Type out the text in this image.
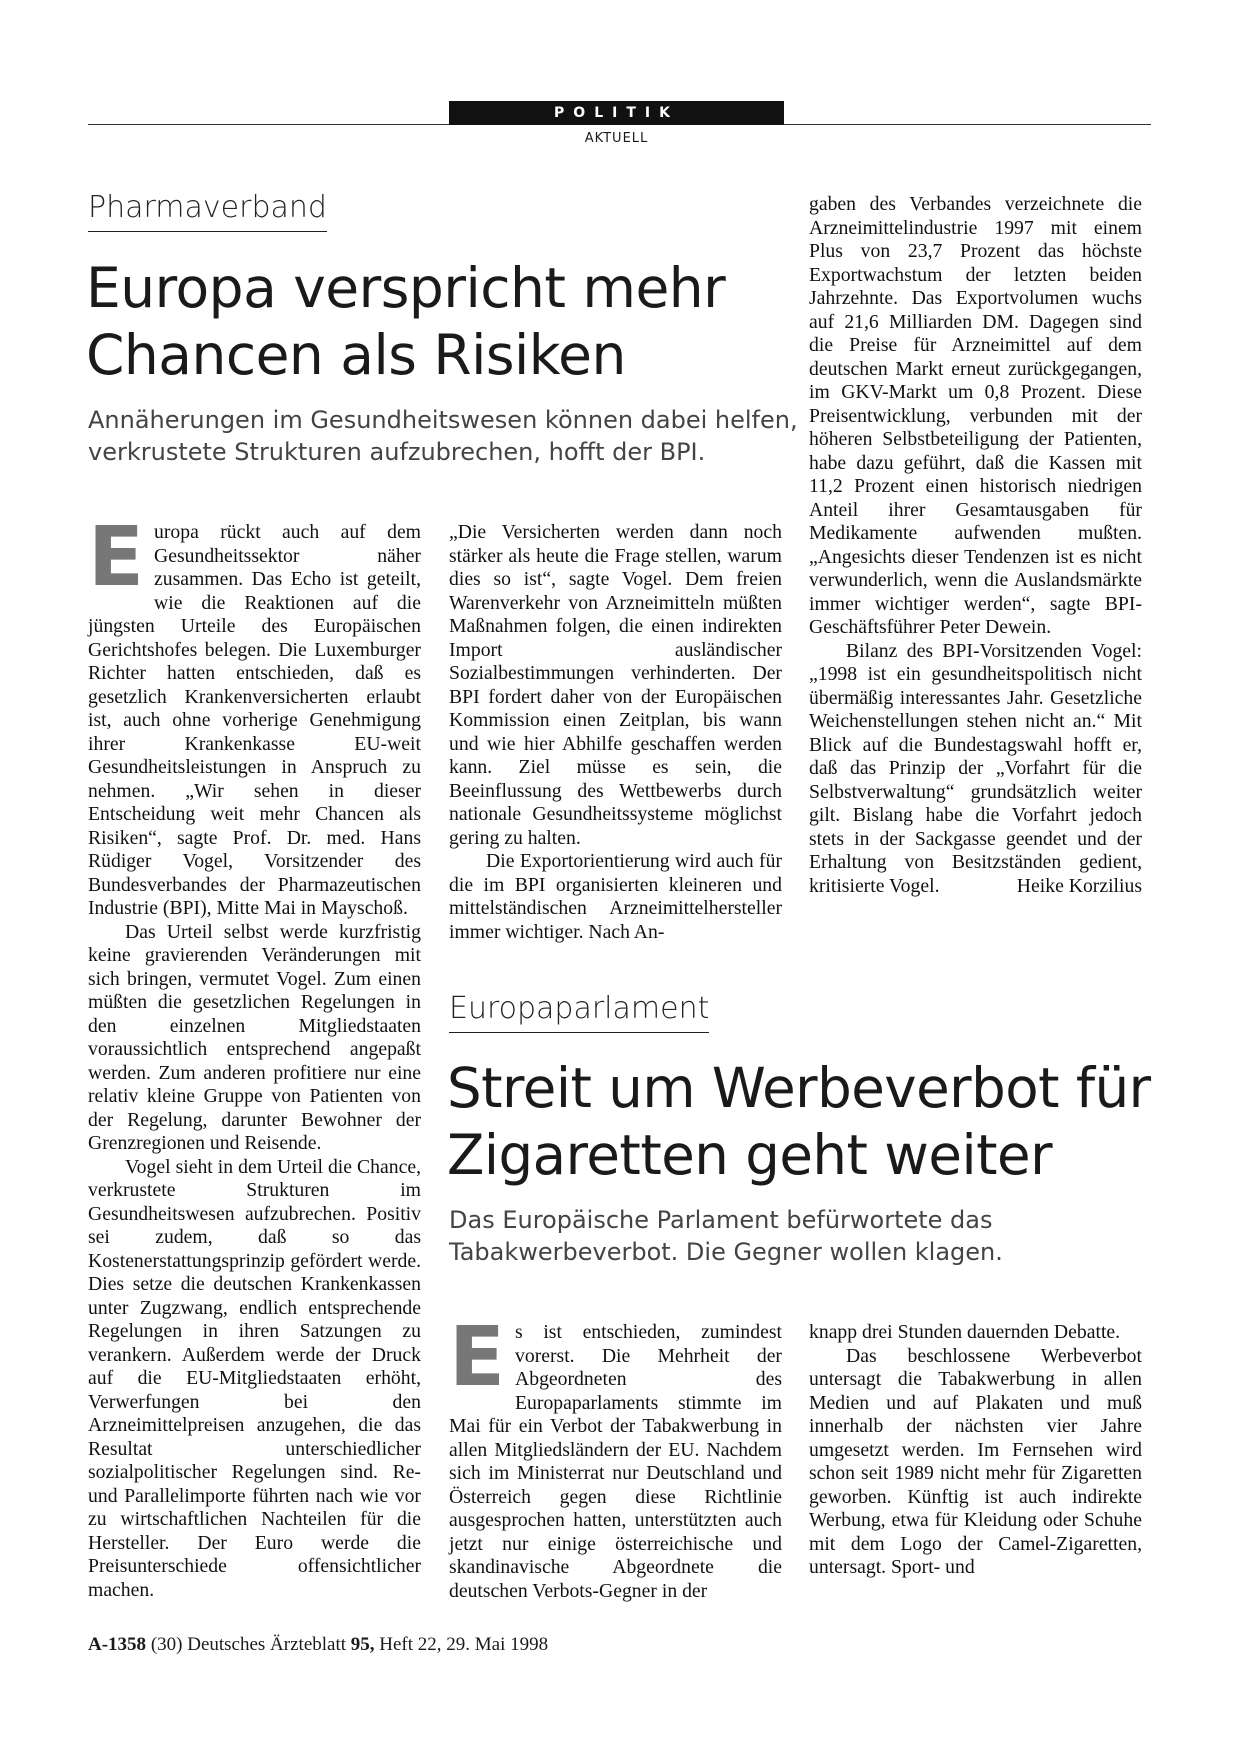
POLITIK
AKTUELL
Pharmaverband
Europa verspricht mehr
Chancen als Risiken
Annäherungen im Gesundheitswesen können dabei helfen,
verkrustete Strukturen aufzubrechen, hofft der BPI.

E uropa rückt auch auf dem Gesundheitssektor näher zusammen. Das Echo ist geteilt, wie die Reaktionen auf die jüngsten Urteile des Europäischen Gerichtshofes belegen. Die Luxemburger Richter hatten entschieden, daß es gesetzlich Krankenversicherten erlaubt ist, auch ohne vorherige Genehmigung ihrer Krankenkasse EU-weit Gesundheitsleistungen in Anspruch zu nehmen. „Wir sehen in dieser Entscheidung weit mehr Chancen als Risiken“, sagte Prof. Dr. med. Hans Rüdiger Vogel, Vorsitzender des Bundesverbandes der Pharmazeutischen Industrie (BPI), Mitte Mai in Mayschoß.

Das Urteil selbst werde kurzfristig keine gravierenden Veränderungen mit sich bringen, vermutet Vogel. Zum einen müßten die gesetzlichen Regelungen in den einzelnen Mitgliedstaaten voraussichtlich entsprechend angepaßt werden. Zum anderen profitiere nur eine relativ kleine Gruppe von Patienten von der Regelung, darunter Bewohner der Grenzregionen und Reisende.

Vogel sieht in dem Urteil die Chance, verkrustete Strukturen im Gesundheitswesen aufzubrechen. Positiv sei zudem, daß so das Kostenerstattungsprinzip gefördert werde. Dies setze die deutschen Krankenkassen unter Zugzwang, endlich entsprechende Regelungen in ihren Satzungen zu verankern. Außerdem werde der Druck auf die EU-Mitgliedstaaten erhöht, Verwerfungen bei den Arzneimittelpreisen anzugehen, die das Resultat unterschiedlicher sozialpolitischer Regelungen sind. Re- und Parallelimporte führten nach wie vor zu wirtschaftlichen Nachteilen für die Hersteller. Der Euro werde die Preisunterschiede offensichtlicher machen.

„Die Versicherten werden dann noch stärker als heute die Frage stellen, warum dies so ist“, sagte Vogel. Dem freien Warenverkehr von Arzneimitteln müßten Maßnahmen folgen, die einen indirekten Import ausländischer Sozialbestimmungen verhinderten. Der BPI fordert daher von der Europäischen Kommission einen Zeitplan, bis wann und wie hier Abhilfe geschaffen werden kann. Ziel müsse es sein, die Beeinflussung des Wettbewerbs durch nationale Gesundheitssysteme möglichst gering zu halten.

Die Exportorientierung wird auch für die im BPI organisierten kleineren und mittelständischen Arzneimittelhersteller immer wichtiger. Nach An-

gaben des Verbandes verzeichnete die Arzneimittelindustrie 1997 mit einem Plus von 23,7 Prozent das höchste Exportwachstum der letzten beiden Jahrzehnte. Das Exportvolumen wuchs auf 21,6 Milliarden DM. Dagegen sind die Preise für Arzneimittel auf dem deutschen Markt erneut zurückgegangen, im GKV-Markt um 0,8 Prozent. Diese Preisentwicklung, verbunden mit der höheren Selbstbeteiligung der Patienten, habe dazu geführt, daß die Kassen mit 11,2 Prozent einen historisch niedrigen Anteil ihrer Gesamtausgaben für Medikamente aufwenden mußten. „Angesichts dieser Tendenzen ist es nicht verwunderlich, wenn die Auslandsmärkte immer wichtiger werden“, sagte BPI-Geschäftsführer Peter Dewein.

Bilanz des BPI-Vorsitzenden Vogel: „1998 ist ein gesundheitspolitisch nicht übermäßig interessantes Jahr. Gesetzliche Weichenstellungen stehen nicht an.“ Mit Blick auf die Bundestagswahl hofft er, daß das Prinzip der „Vorfahrt für die Selbstverwaltung“ grundsätzlich weiter gilt. Bislang habe die Vorfahrt jedoch stets in der Sackgasse geendet und der Erhaltung von Besitzständen gedient, kritisierte Vogel.	Heike Korzilius

Europaparlament
Streit um Werbeverbot für
Zigaretten geht weiter
Das Europäische Parlament befürwortete das
Tabakwerbeverbot. Die Gegner wollen klagen.

E s ist entschieden, zumindest vorerst. Die Mehrheit der Abgeordneten des Europaparlaments stimmte im Mai für ein Verbot der Tabakwerbung in allen Mitgliedsländern der EU. Nachdem sich im Ministerrat nur Deutschland und Österreich gegen diese Richtlinie ausgesprochen hatten, unterstützten auch jetzt nur einige österreichische und skandinavische Abgeordnete die deutschen Verbots-Gegner in der

knapp drei Stunden dauernden Debatte.

Das beschlossene Werbeverbot untersagt die Tabakwerbung in allen Medien und auf Plakaten und muß innerhalb der nächsten vier Jahre umgesetzt werden. Im Fernsehen wird schon seit 1989 nicht mehr für Zigaretten geworben. Künftig ist auch indirekte Werbung, etwa für Kleidung oder Schuhe mit dem Logo der Camel-Zigaretten, untersagt. Sport- und

A-1358 (30) Deutsches Ärzteblatt 95, Heft 22, 29. Mai 1998
